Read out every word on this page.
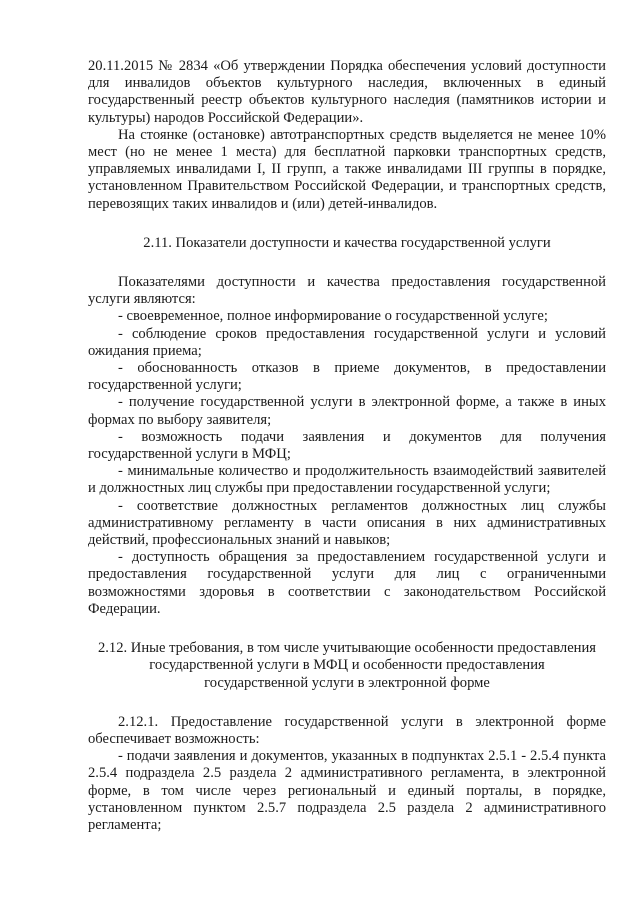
20.11.2015 № 2834 «Об утверждении Порядка обеспечения условий доступности для инвалидов объектов культурного наследия, включенных в единый государственный реестр объектов культурного наследия (памятников истории и культуры) народов Российской Федерации».

На стоянке (остановке) автотранспортных средств выделяется не менее 10% мест (но не менее 1 места) для бесплатной парковки транспортных средств, управляемых инвалидами I, II групп, а также инвалидами III группы в порядке, установленном Правительством Российской Федерации, и транспортных средств, перевозящих таких инвалидов и (или) детей-инвалидов.

2.11. Показатели доступности и качества государственной услуги

Показателями доступности и качества предоставления государственной услуги являются:

- своевременное, полное информирование о государственной услуге;

- соблюдение сроков предоставления государственной услуги и условий ожидания приема;

- обоснованность отказов в приеме документов, в предоставлении государственной услуги;

- получение государственной услуги в электронной форме, а также в иных формах по выбору заявителя;

- возможность подачи заявления и документов для получения государственной услуги в МФЦ;

- минимальные количество и продолжительность взаимодействий заявителей и должностных лиц службы при предоставлении государственной услуги;

- соответствие должностных регламентов должностных лиц службы административному регламенту в части описания в них административных действий, профессиональных знаний и навыков;

- доступность обращения за предоставлением государственной услуги и предоставления государственной услуги для лиц с ограниченными возможностями здоровья в соответствии с законодательством Российской Федерации.

2.12. Иные требования, в том числе учитывающие особенности предоставления

государственной услуги в МФЦ и особенности предоставления

государственной услуги в электронной форме

2.12.1. Предоставление государственной услуги в электронной форме обеспечивает возможность:

- подачи заявления и документов, указанных в подпунктах 2.5.1 - 2.5.4 пункта 2.5.4 подраздела 2.5 раздела 2 административного регламента, в электронной форме, в том числе через региональный и единый порталы, в порядке, установленном пунктом 2.5.7 подраздела 2.5 раздела 2 административного регламента;
